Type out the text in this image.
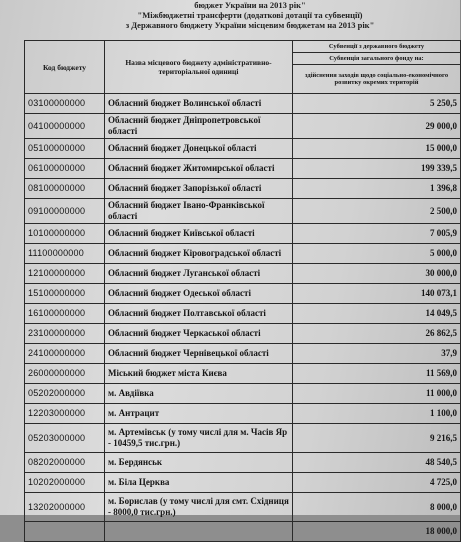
бюджет України на 2013 рік"
"Міжбюджетні трансферти (додаткові дотації та субвенції)
з Державного бюджету України місцевим бюджетам на 2013 рік"
Код бюджету	Назва місцевого бюджету адміністративно-територіальної одиниці	Субвенції з державного бюджету
		Субвенція загального фонду на:
		здійснення заходів щодо соціально-економічного розвитку окремих територій
03100000000	Обласний бюджет Волинської області	5 250,5
04100000000	Обласний бюджет Дніпропетровської області	29 000,0
05100000000	Обласний бюджет Донецької області	15 000,0
06100000000	Обласний бюджет Житомирської області	199 339,5
08100000000	Обласний бюджет Запорізької області	1 396,8
09100000000	Обласний бюджет Івано-Франківської області	2 500,0
10100000000	Обласний бюджет Київської області	7 005,9
11100000000	Обласний бюджет Кіровоградської області	5 000,0
12100000000	Обласний бюджет Луганської області	30 000,0
15100000000	Обласний бюджет Одеської області	140 073,1
16100000000	Обласний бюджет Полтавської області	14 049,5
23100000000	Обласний бюджет Черкаської області	26 862,5
24100000000	Обласний бюджет Чернівецької області	37,9
26000000000	Міський бюджет міста Києва	11 569,0
05202000000	м. Авдіївка	11 000,0
12203000000	м. Антрацит	1 100,0
05203000000	м. Артемівськ (у тому числі для м. Часів Яр - 10459,5 тис.грн.)	9 216,5
08202000000	м. Бердянськ	48 540,5
10202000000	м. Біла Церква	4 725,0
13202000000	м. Борислав (у тому числі для смт. Східниця - 8000,0 тис.грн.)	8 000,0
		18 000,0
